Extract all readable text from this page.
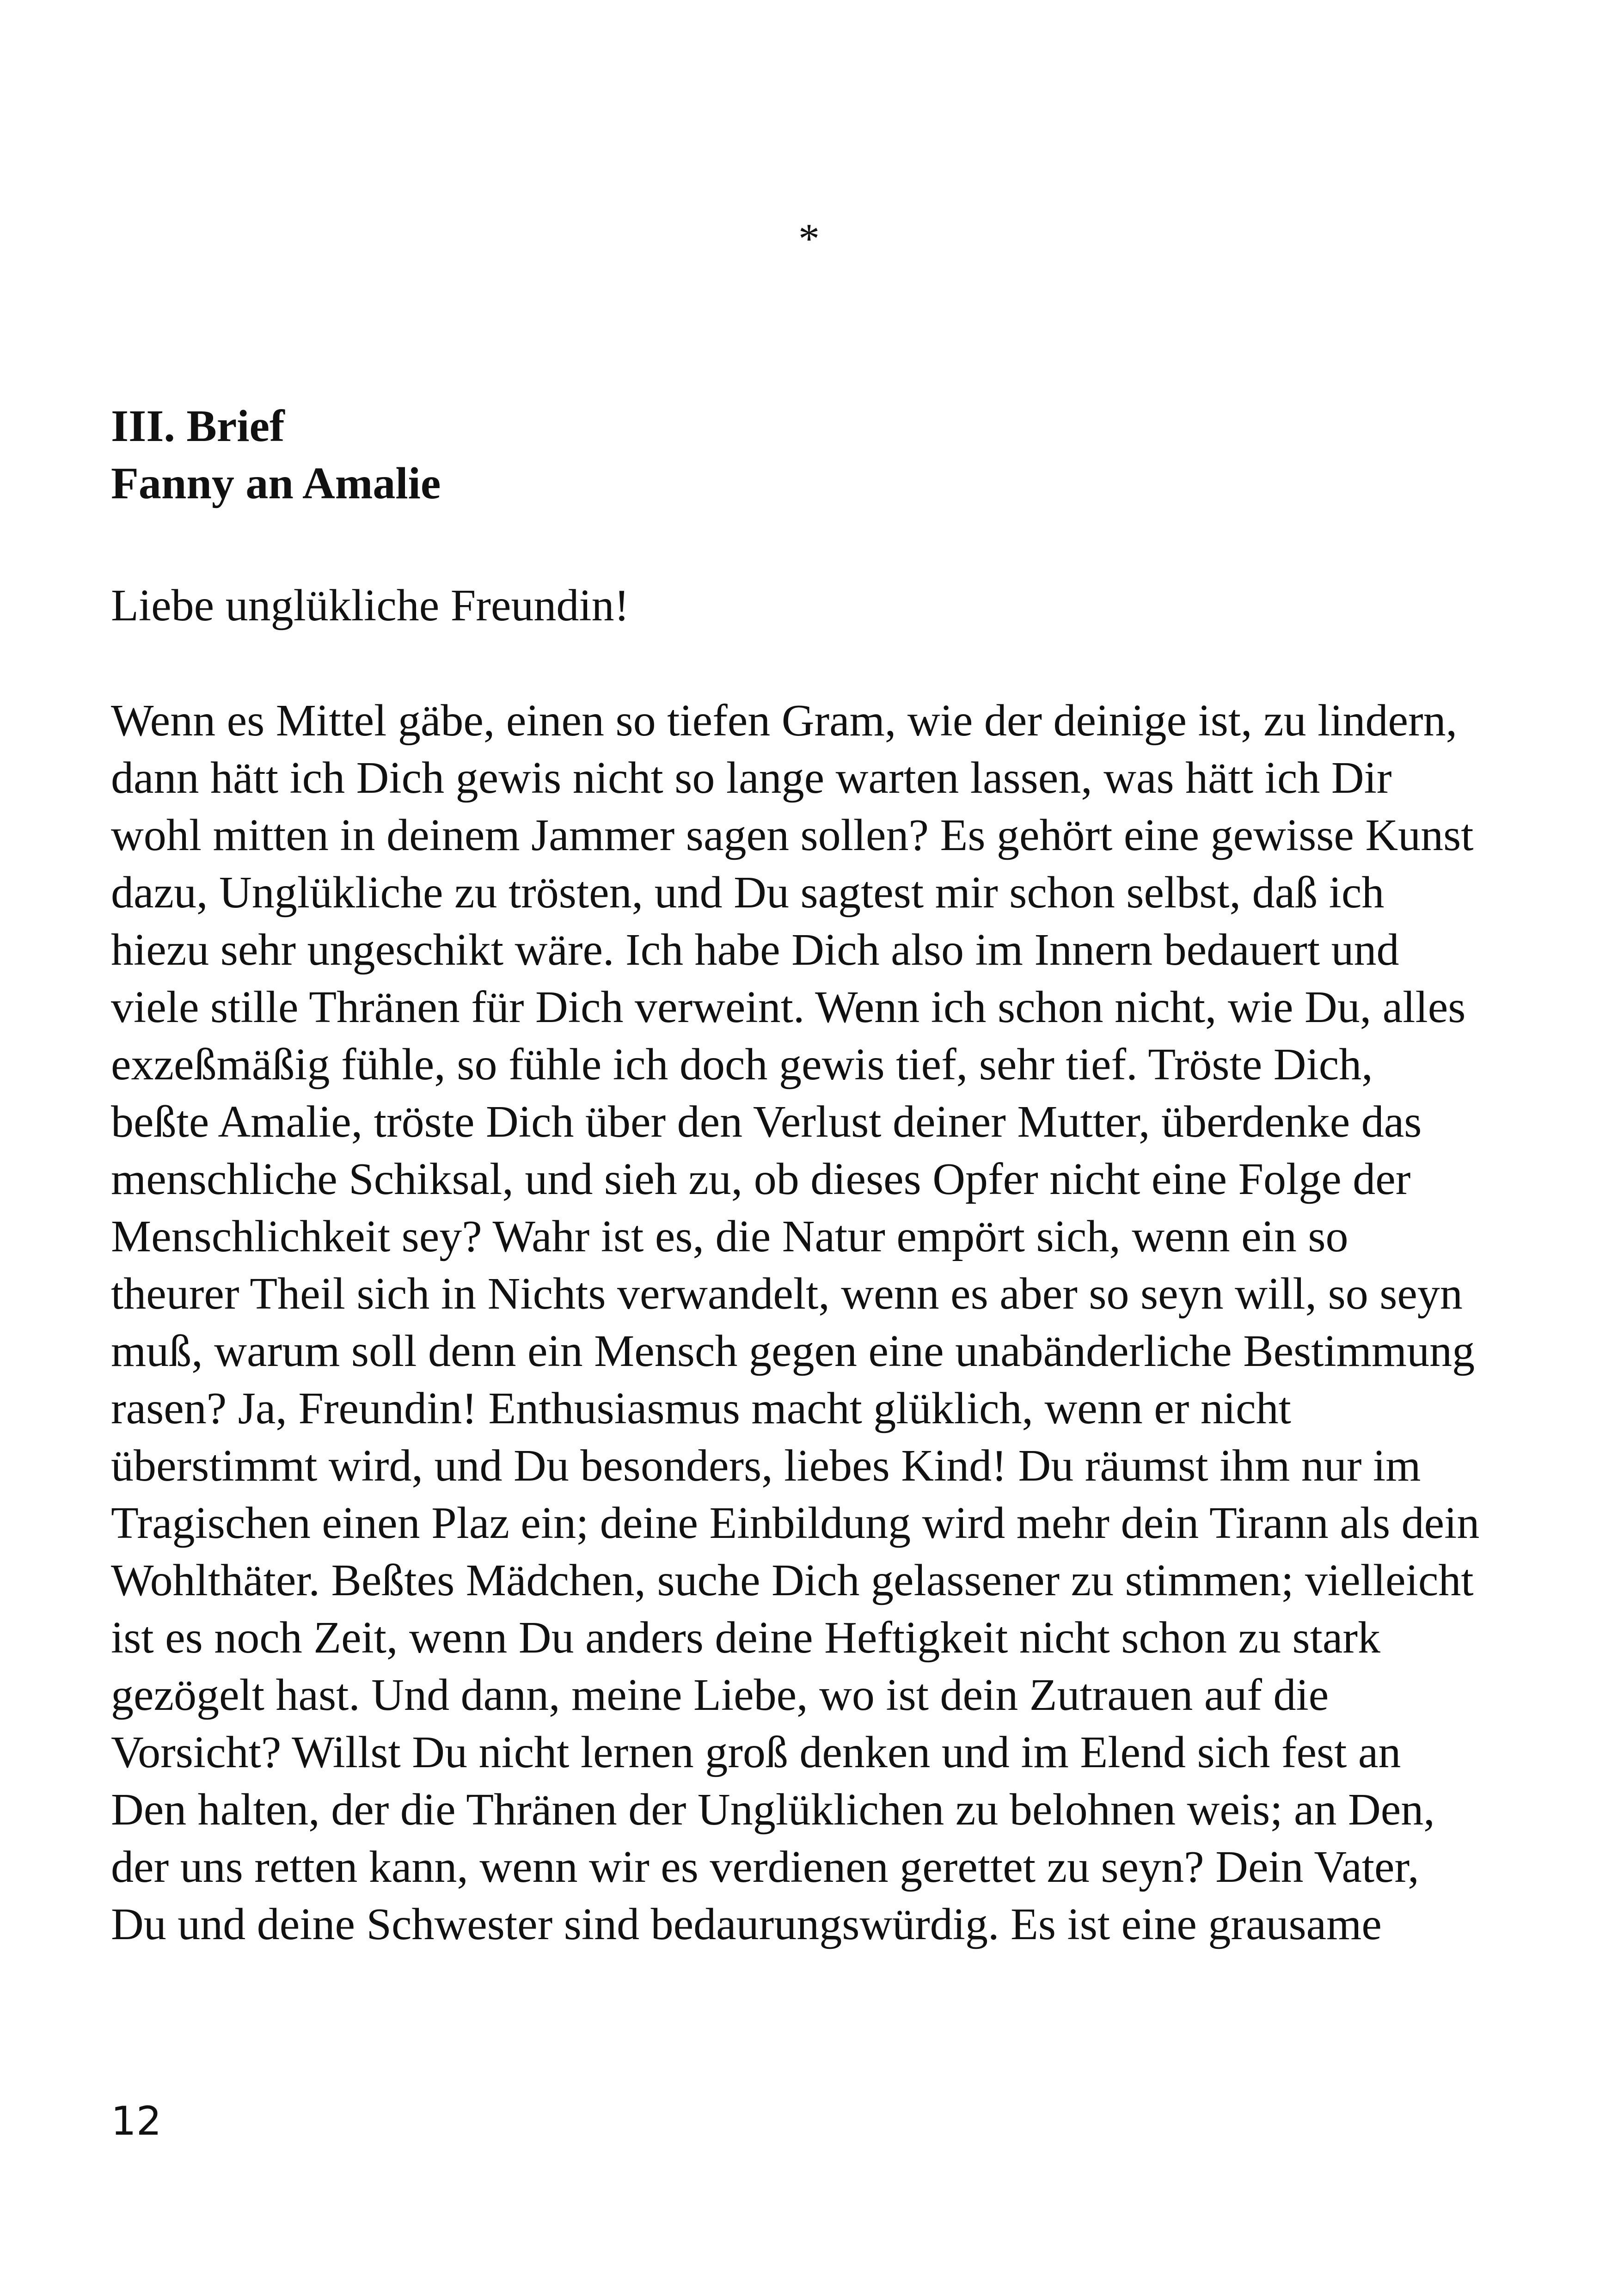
*
III. Brief
Fanny an Amalie
Liebe unglükliche Freundin!
Wenn es Mittel gäbe, einen so tiefen Gram, wie der deinige ist, zu lindern,
dann hätt ich Dich gewis nicht so lange warten lassen, was hätt ich Dir
wohl mitten in deinem Jammer sagen sollen? Es gehört eine gewisse Kunst
dazu, Unglükliche zu trösten, und Du sagtest mir schon selbst, daß ich
hiezu sehr ungeschikt wäre. Ich habe Dich also im Innern bedauert und
viele stille Thränen für Dich verweint. Wenn ich schon nicht, wie Du, alles
exzeßmäßig fühle, so fühle ich doch gewis tief, sehr tief. Tröste Dich,
beßte Amalie, tröste Dich über den Verlust deiner Mutter, überdenke das
menschliche Schiksal, und sieh zu, ob dieses Opfer nicht eine Folge der
Menschlichkeit sey? Wahr ist es, die Natur empört sich, wenn ein so
theurer Theil sich in Nichts verwandelt, wenn es aber so seyn will, so seyn
muß, warum soll denn ein Mensch gegen eine unabänderliche Bestimmung
rasen? Ja, Freundin! Enthusiasmus macht glüklich, wenn er nicht
überstimmt wird, und Du besonders, liebes Kind! Du räumst ihm nur im
Tragischen einen Plaz ein; deine Einbildung wird mehr dein Tirann als dein
Wohlthäter. Beßtes Mädchen, suche Dich gelassener zu stimmen; vielleicht
ist es noch Zeit, wenn Du anders deine Heftigkeit nicht schon zu stark
gezögelt hast. Und dann, meine Liebe, wo ist dein Zutrauen auf die
Vorsicht? Willst Du nicht lernen groß denken und im Elend sich fest an
Den halten, der die Thränen der Unglüklichen zu belohnen weis; an Den,
der uns retten kann, wenn wir es verdienen gerettet zu seyn? Dein Vater,
Du und deine Schwester sind bedaurungswürdig. Es ist eine grausame
12
